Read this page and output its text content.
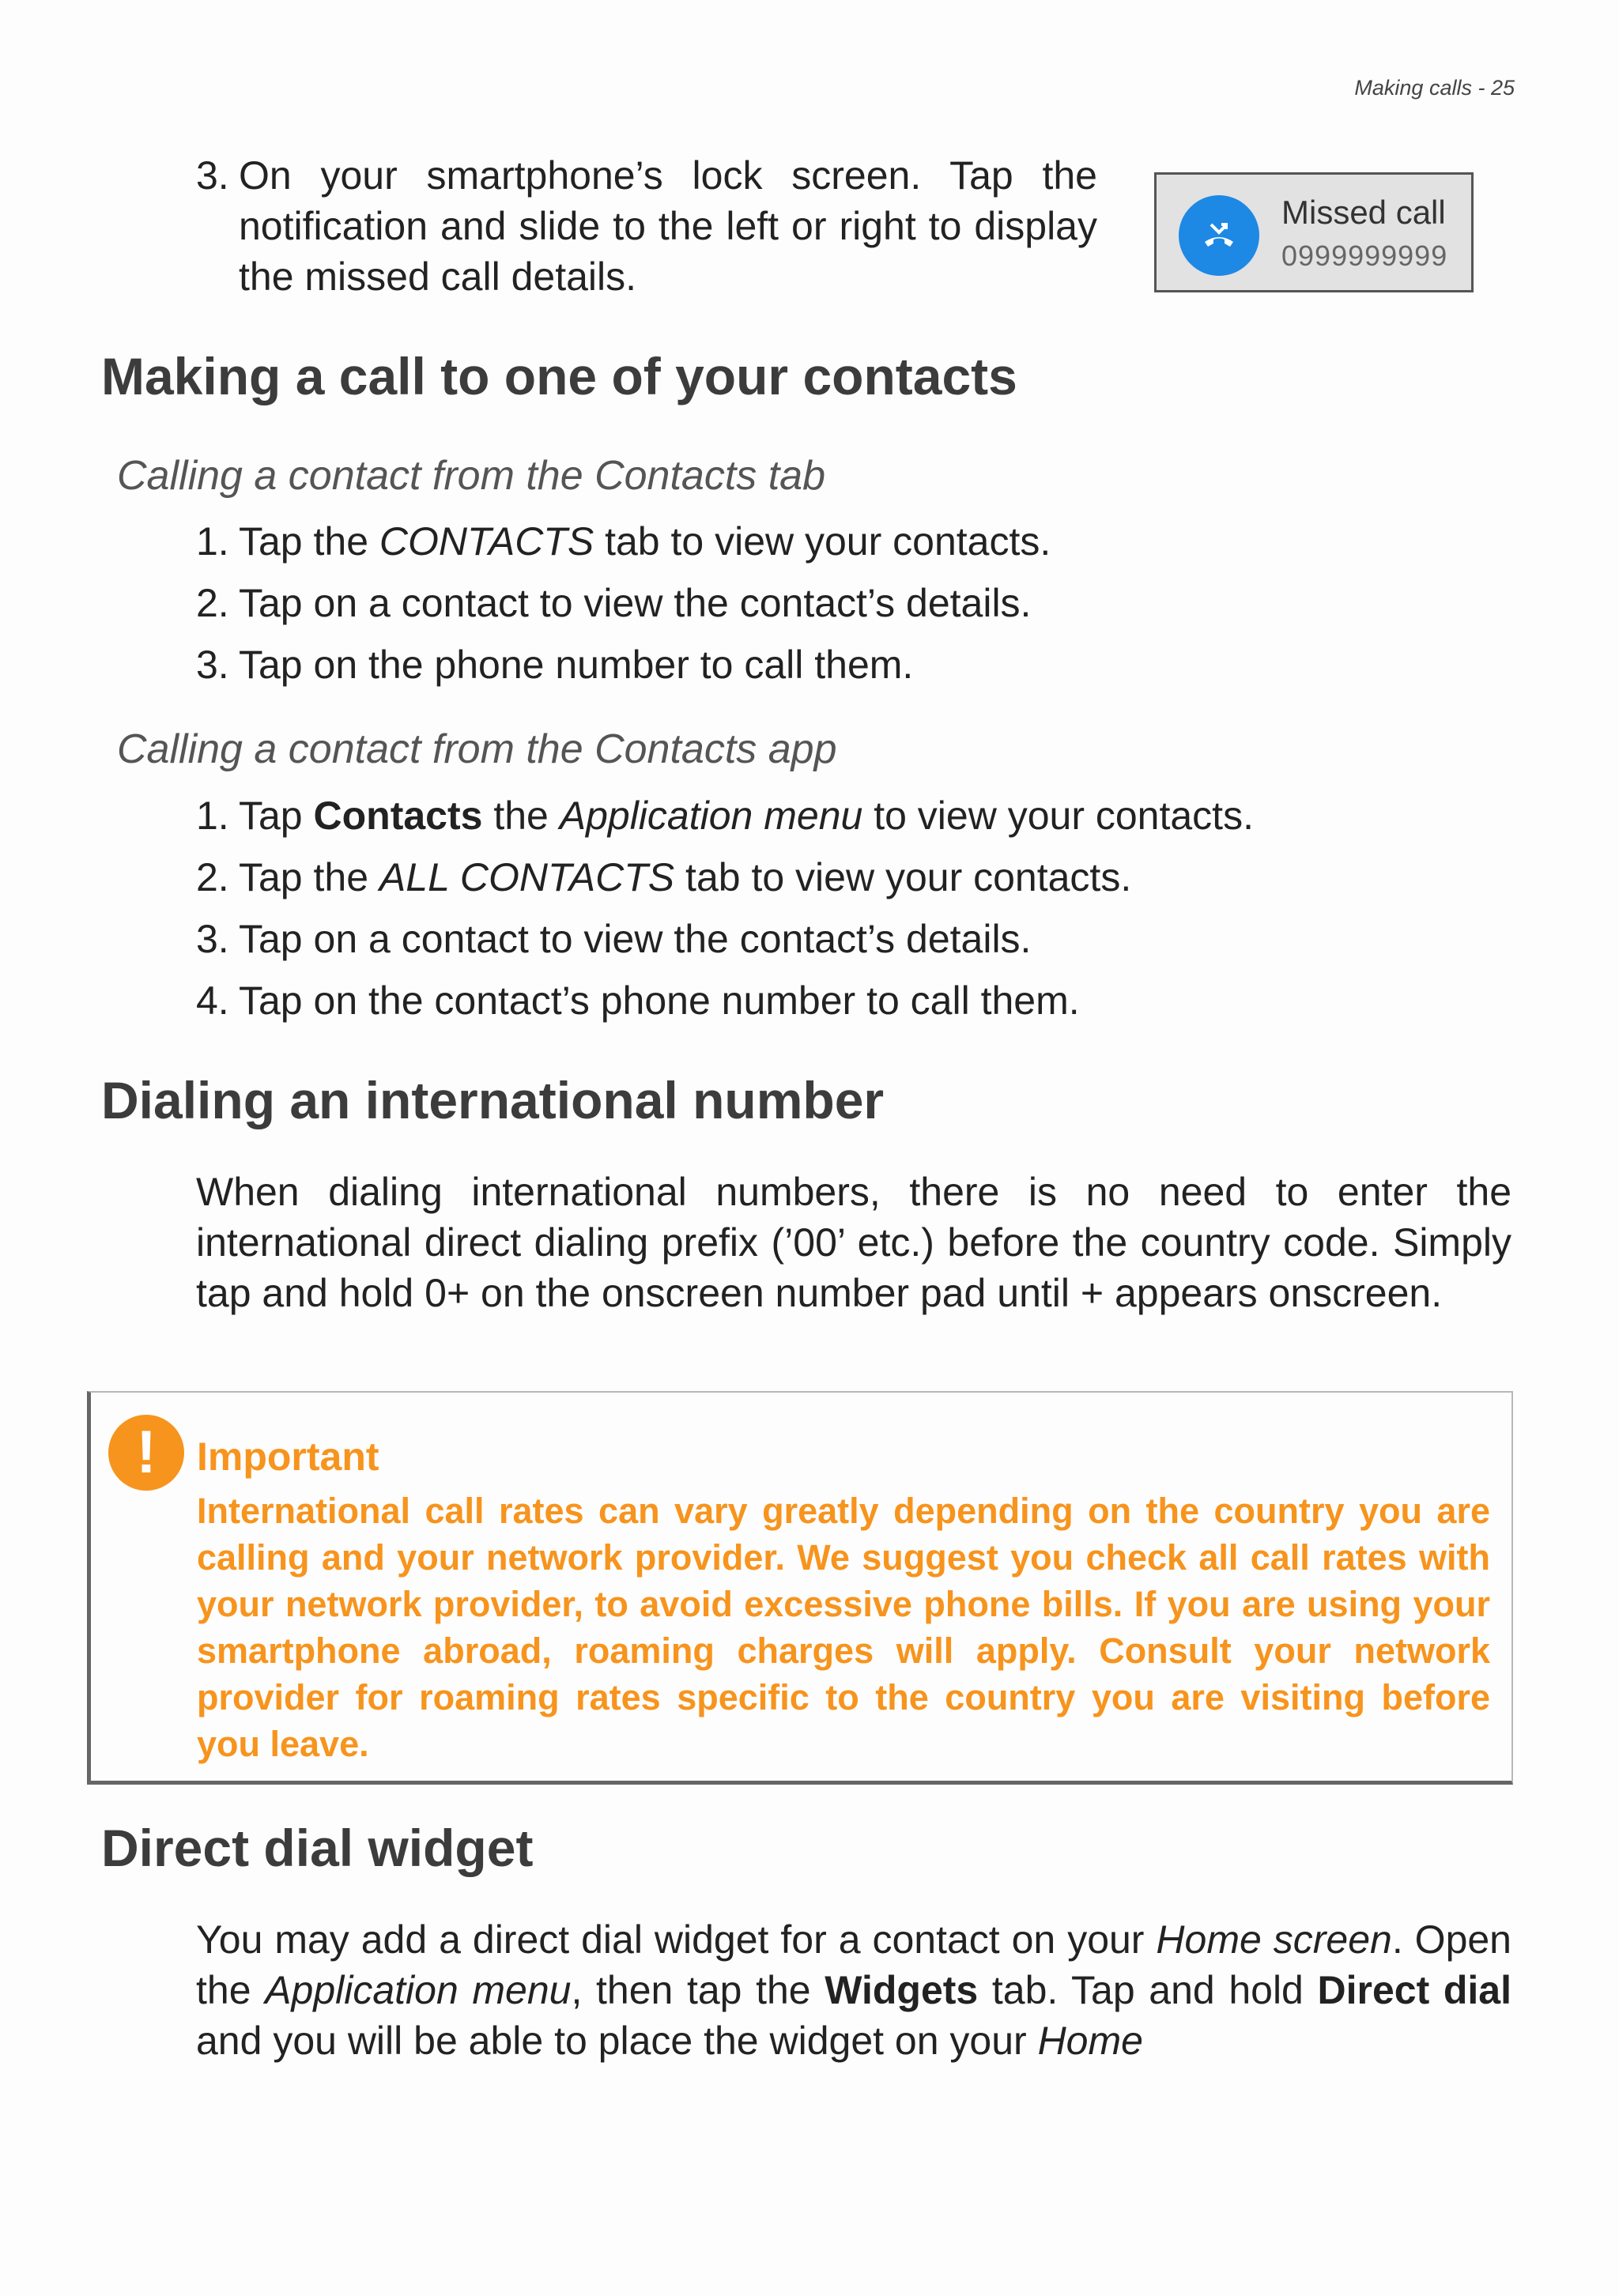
Making calls - 25
3. On your smartphone’s lock screen. Tap the notification and slide to the left or right to display the missed call details.
Missed call
0999999999
Making a call to one of your contacts
Calling a contact from the Contacts tab
1. Tap the CONTACTS tab to view your contacts.
2. Tap on a contact to view the contact’s details.
3. Tap on the phone number to call them.
Calling a contact from the Contacts app
1. Tap Contacts the Application menu to view your contacts.
2. Tap the ALL CONTACTS tab to view your contacts.
3. Tap on a contact to view the contact’s details.
4. Tap on the contact’s phone number to call them.
Dialing an international number

When dialing international numbers, there is no need to enter the international direct dialing prefix (’00’ etc.) before the country code. Simply tap and hold 0+ on the onscreen number pad until + appears onscreen.

!	Important

International call rates can vary greatly depending on the country you are calling and your network provider. We suggest you check all call rates with your network provider, to avoid excessive phone bills. If you are using your smartphone abroad, roaming charges will apply. Consult your network provider for roaming rates specific to the country you are visiting before you leave.

Direct dial widget

You may add a direct dial widget for a contact on your Home screen. Open the Application menu, then tap the Widgets tab. Tap and hold Direct dial and you will be able to place the widget on your Home
